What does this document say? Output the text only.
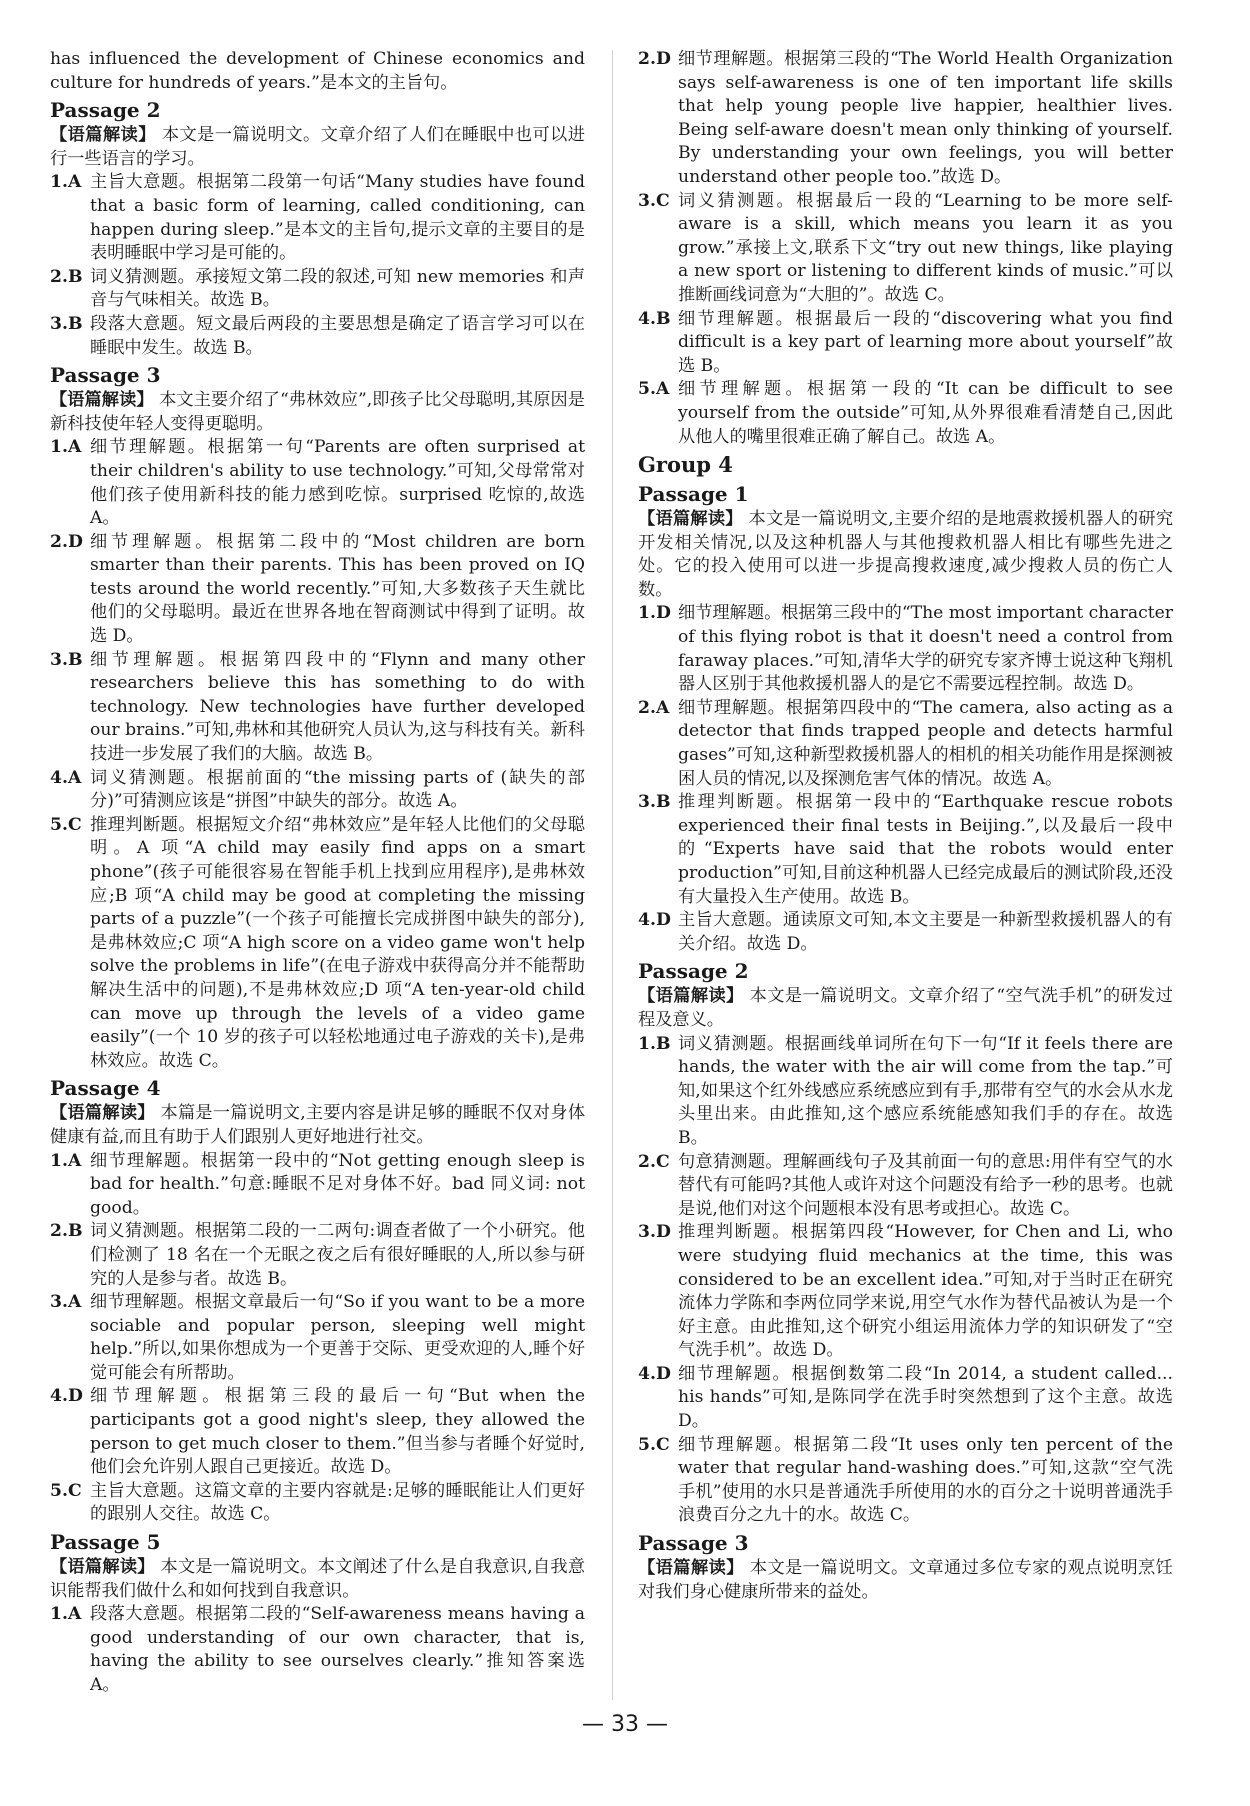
has influenced the development of Chinese economics and culture for hundreds of years.”是本文的主旨句。

Passage 2

【语篇解读】 本文是一篇说明文。文章介绍了人们在睡眠中也可以进行一些语言的学习。

1.A 主旨大意题。根据第二段第一句话“Many studies have found that a basic form of learning, called conditioning, can happen during sleep.”是本文的主旨句,提示文章的主要目的是表明睡眠中学习是可能的。
2.B 词义猜测题。承接短文第二段的叙述,可知 new memories 和声音与气味相关。故选 B。
3.B 段落大意题。短文最后两段的主要思想是确定了语言学习可以在睡眠中发生。故选 B。
Passage 3

【语篇解读】 本文主要介绍了“弗林效应”,即孩子比父母聪明,其原因是新科技使年轻人变得更聪明。

1.A 细节理解题。根据第一句“Parents are often surprised at their children's ability to use technology.”可知,父母常常对他们孩子使用新科技的能力感到吃惊。surprised 吃惊的,故选 A。
2.D 细节理解题。根据第二段中的“Most children are born smarter than their parents. This has been proved on IQ tests around the world recently.”可知,大多数孩子天生就比他们的父母聪明。最近在世界各地在智商测试中得到了证明。故选 D。
3.B 细节理解题。根据第四段中的“Flynn and many other researchers believe this has something to do with technology. New technologies have further developed our brains.”可知,弗林和其他研究人员认为,这与科技有关。新科技进一步发展了我们的大脑。故选 B。
4.A 词义猜测题。根据前面的“the missing parts of (缺失的部分)”可猜测应该是“拼图”中缺失的部分。故选 A。
5.C 推理判断题。根据短文介绍“弗林效应”是年轻人比他们的父母聪明。A 项“A child may easily find apps on a smart phone”(孩子可能很容易在智能手机上找到应用程序),是弗林效应;B 项“A child may be good at completing the missing parts of a puzzle”(一个孩子可能擅长完成拼图中缺失的部分),是弗林效应;C 项“A high score on a video game won't help solve the problems in life”(在电子游戏中获得高分并不能帮助解决生活中的问题),不是弗林效应;D 项“A ten-year-old child can move up through the levels of a video game easily”(一个 10 岁的孩子可以轻松地通过电子游戏的关卡),是弗林效应。故选 C。
Passage 4

【语篇解读】 本篇是一篇说明文,主要内容是讲足够的睡眠不仅对身体健康有益,而且有助于人们跟别人更好地进行社交。

1.A 细节理解题。根据第一段中的“Not getting enough sleep is bad for health.”句意:睡眠不足对身体不好。bad 同义词: not good。
2.B 词义猜测题。根据第二段的一二两句:调查者做了一个小研究。他们检测了 18 名在一个无眠之夜之后有很好睡眠的人,所以参与研究的人是参与者。故选 B。
3.A 细节理解题。根据文章最后一句“So if you want to be a more sociable and popular person, sleeping well might help.”所以,如果你想成为一个更善于交际、更受欢迎的人,睡个好觉可能会有所帮助。
4.D 细节理解题。根据第三段的最后一句“But when the participants got a good night's sleep, they allowed the person to get much closer to them.”但当参与者睡个好觉时,他们会允许别人跟自己更接近。故选 D。
5.C 主旨大意题。这篇文章的主要内容就是:足够的睡眠能让人们更好的跟别人交往。故选 C。
Passage 5

【语篇解读】 本文是一篇说明文。本文阐述了什么是自我意识,自我意识能帮我们做什么和如何找到自我意识。

1.A 段落大意题。根据第二段的“Self-awareness means having a good understanding of our own character, that is, having the ability to see ourselves clearly.”推知答案选 A。
2.D 细节理解题。根据第三段的“The World Health Organization says self-awareness is one of ten important life skills that help young people live happier, healthier lives. Being self-aware doesn't mean only thinking of yourself. By understanding your own feelings, you will better understand other people too.”故选 D。
3.C 词义猜测题。根据最后一段的“Learning to be more self-aware is a skill, which means you learn it as you grow.”承接上文,联系下文“try out new things, like playing a new sport or listening to different kinds of music.”可以推断画线词意为“大胆的”。故选 C。
4.B 细节理解题。根据最后一段的“discovering what you find difficult is a key part of learning more about yourself”故选 B。
5.A 细节理解题。根据第一段的“It can be difficult to see yourself from the outside”可知,从外界很难看清楚自己,因此从他人的嘴里很难正确了解自己。故选 A。
Group 4
Passage 1

【语篇解读】 本文是一篇说明文,主要介绍的是地震救援机器人的研究开发相关情况,以及这种机器人与其他搜救机器人相比有哪些先进之处。它的投入使用可以进一步提高搜救速度,减少搜救人员的伤亡人数。

1.D 细节理解题。根据第三段中的“The most important character of this flying robot is that it doesn't need a control from faraway places.”可知,清华大学的研究专家齐博士说这种飞翔机器人区别于其他救援机器人的是它不需要远程控制。故选 D。
2.A 细节理解题。根据第四段中的“The camera, also acting as a detector that finds trapped people and detects harmful gases”可知,这种新型救援机器人的相机的相关功能作用是探测被困人员的情况,以及探测危害气体的情况。故选 A。
3.B 推理判断题。根据第一段中的“Earthquake rescue robots experienced their final tests in Beijing.”,以及最后一段中的“Experts have said that the robots would enter production”可知,目前这种机器人已经完成最后的测试阶段,还没有大量投入生产使用。故选 B。
4.D 主旨大意题。通读原文可知,本文主要是一种新型救援机器人的有关介绍。故选 D。
Passage 2

【语篇解读】 本文是一篇说明文。文章介绍了“空气洗手机”的研发过程及意义。

1.B 词义猜测题。根据画线单词所在句下一句“If it feels there are hands, the water with the air will come from the tap.”可知,如果这个红外线感应系统感应到有手,那带有空气的水会从水龙头里出来。由此推知,这个感应系统能感知我们手的存在。故选 B。
2.C 句意猜测题。理解画线句子及其前面一句的意思:用伴有空气的水替代有可能吗?其他人或许对这个问题没有给予一秒的思考。也就是说,他们对这个问题根本没有思考或担心。故选 C。
3.D 推理判断题。根据第四段“However, for Chen and Li, who were studying fluid mechanics at the time, this was considered to be an excellent idea.”可知,对于当时正在研究流体力学陈和李两位同学来说,用空气水作为替代品被认为是一个好主意。由此推知,这个研究小组运用流体力学的知识研发了“空气洗手机”。故选 D。
4.D 细节理解题。根据倒数第二段“In 2014, a student called... his hands”可知,是陈同学在洗手时突然想到了这个主意。故选 D。
5.C 细节理解题。根据第二段“It uses only ten percent of the water that regular hand-washing does.”可知,这款“空气洗手机”使用的水只是普通洗手所使用的水的百分之十说明普通洗手浪费百分之九十的水。故选 C。
Passage 3

【语篇解读】 本文是一篇说明文。文章通过多位专家的观点说明烹饪对我们身心健康所带来的益处。

— 33 —
